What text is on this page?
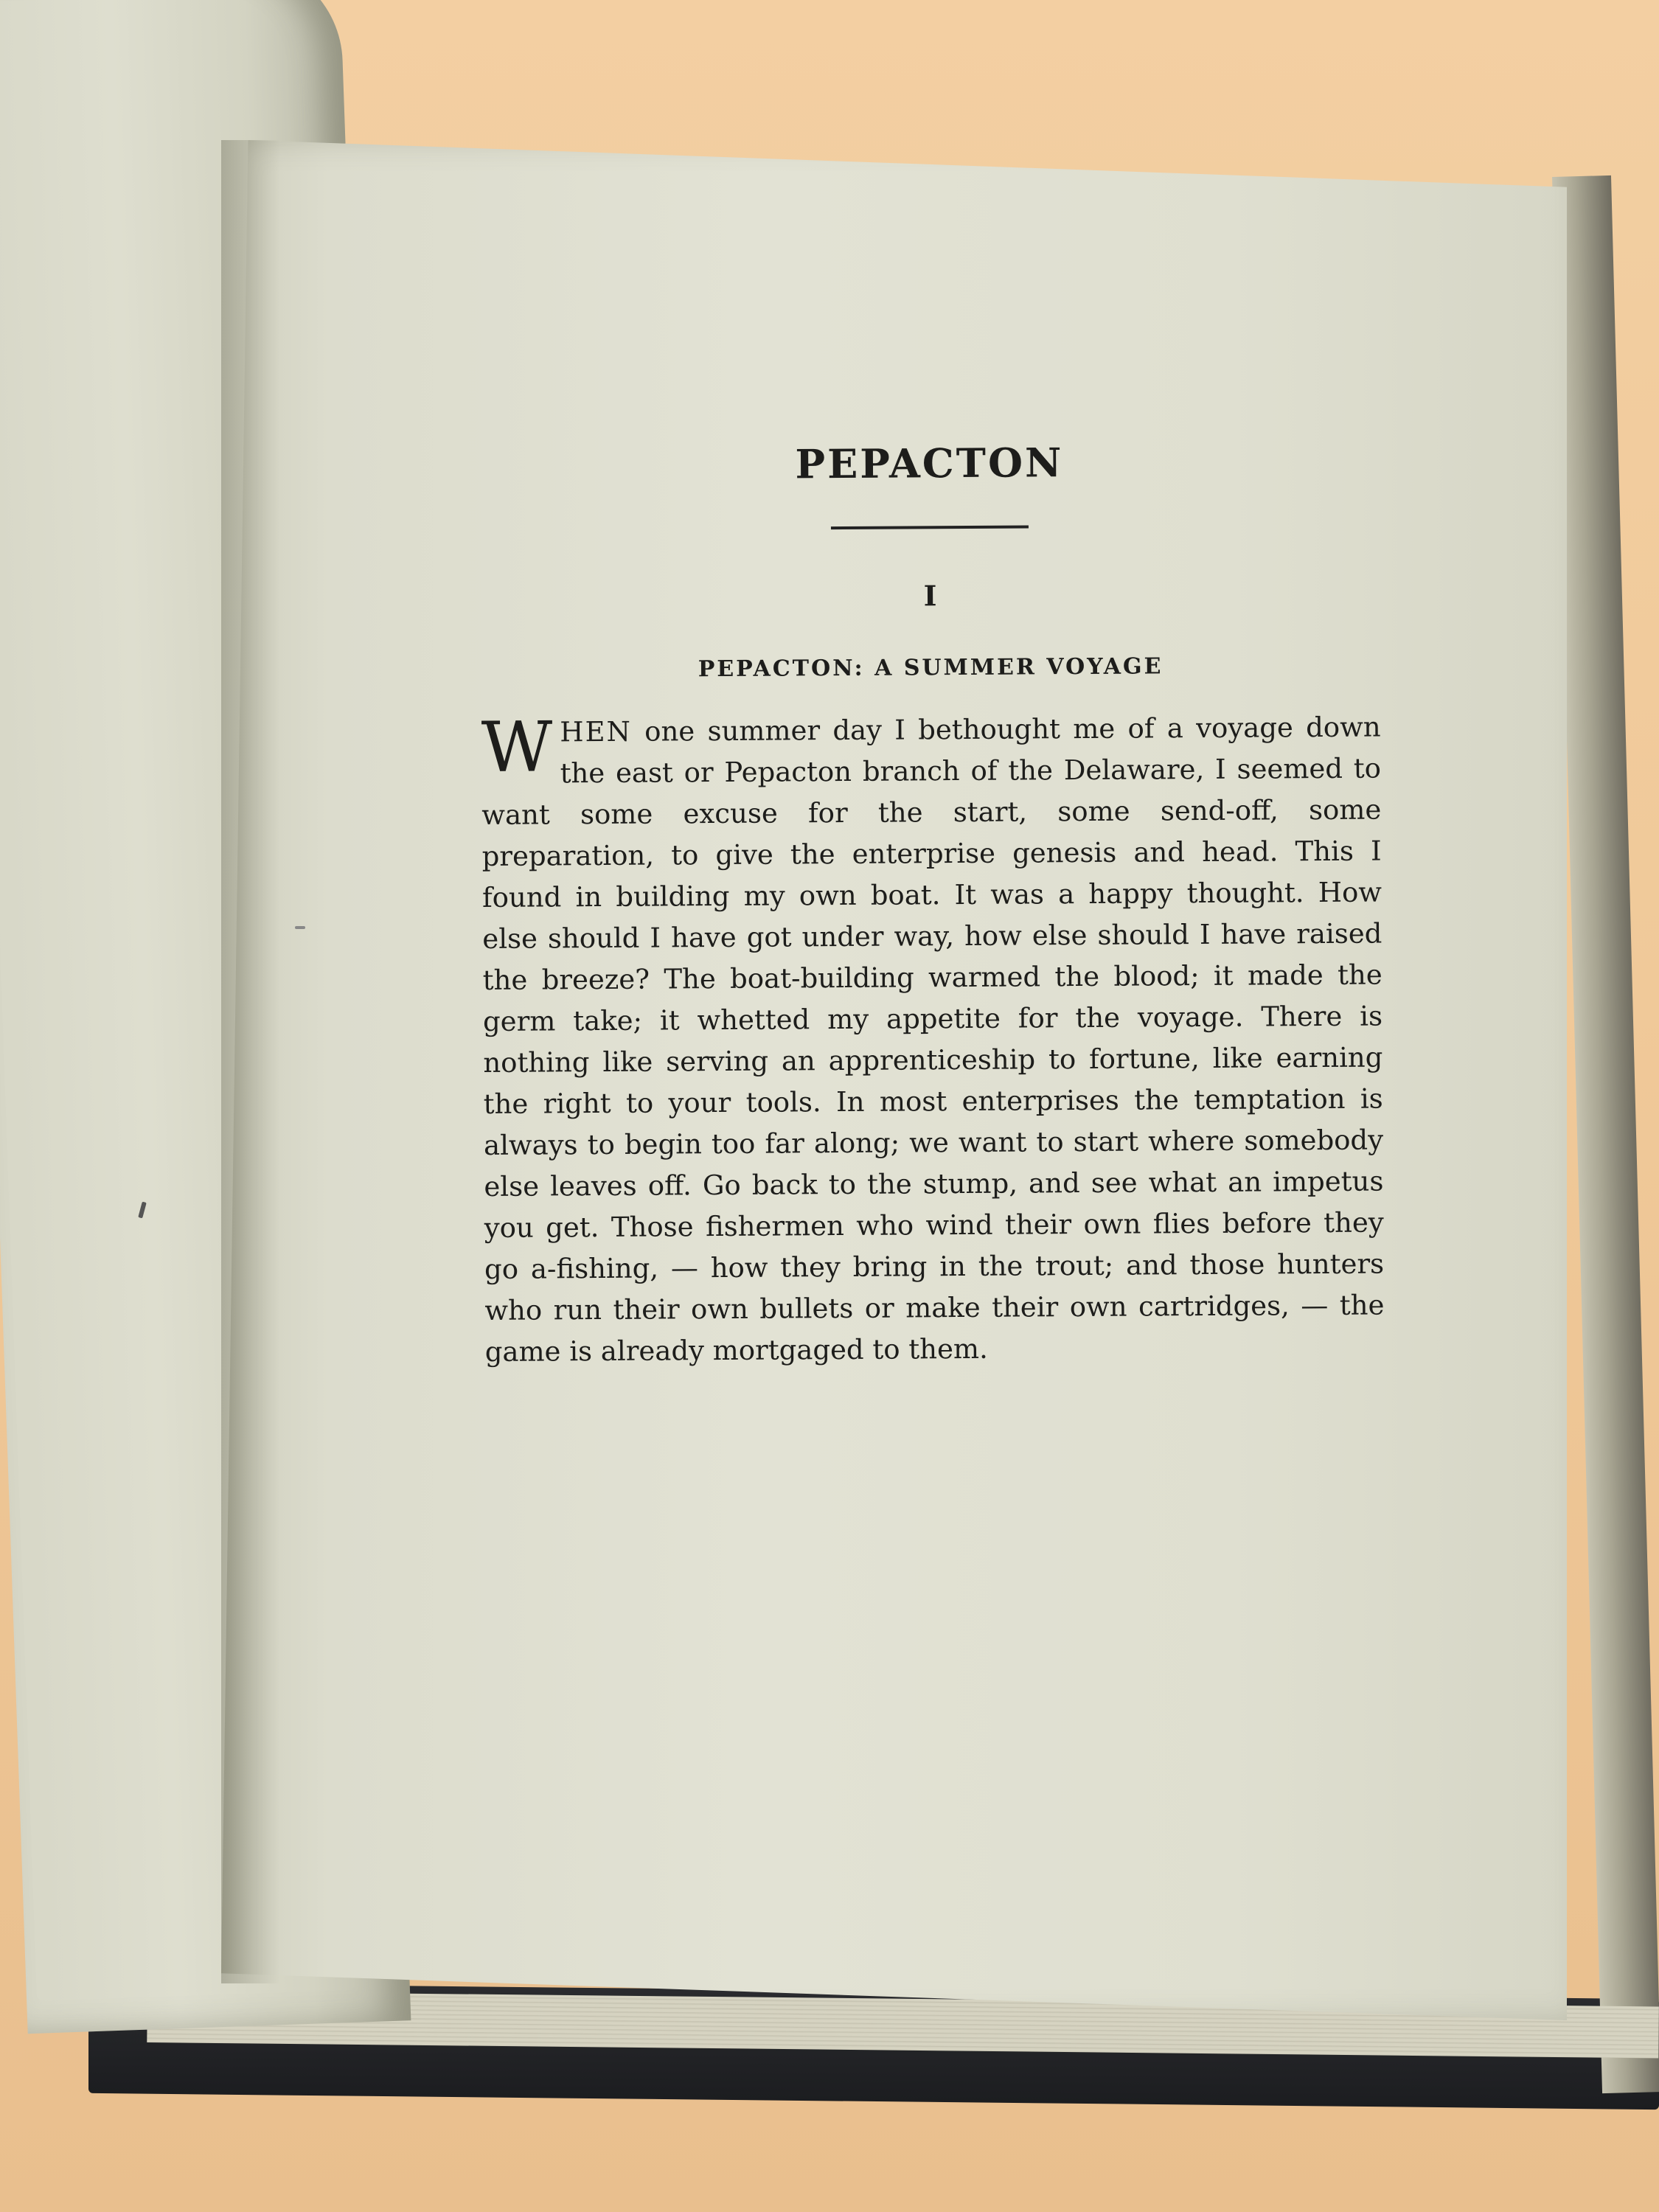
PEPACTON
I
PEPACTON: A SUMMER VOYAGE

WHEN one summer day I bethought me of a voyage down the east or Pepacton branch of the Delaware, I seemed to want some excuse for the start, some send-off, some preparation, to give the enterprise genesis and head. This I found in building my own boat. It was a happy thought. How else should I have got under way, how else should I have raised the breeze? The boat-building warmed the blood; it made the germ take; it whetted my appetite for the voyage. There is nothing like serving an apprenticeship to fortune, like earning the right to your tools. In most enterprises the temptation is always to begin too far along; we want to start where somebody else leaves off. Go back to the stump, and see what an impetus you get. Those fishermen who wind their own flies before they go a-fishing, — how they bring in the trout; and those hunters who run their own bullets or make their own cartridges, — the game is already mortgaged to them.
